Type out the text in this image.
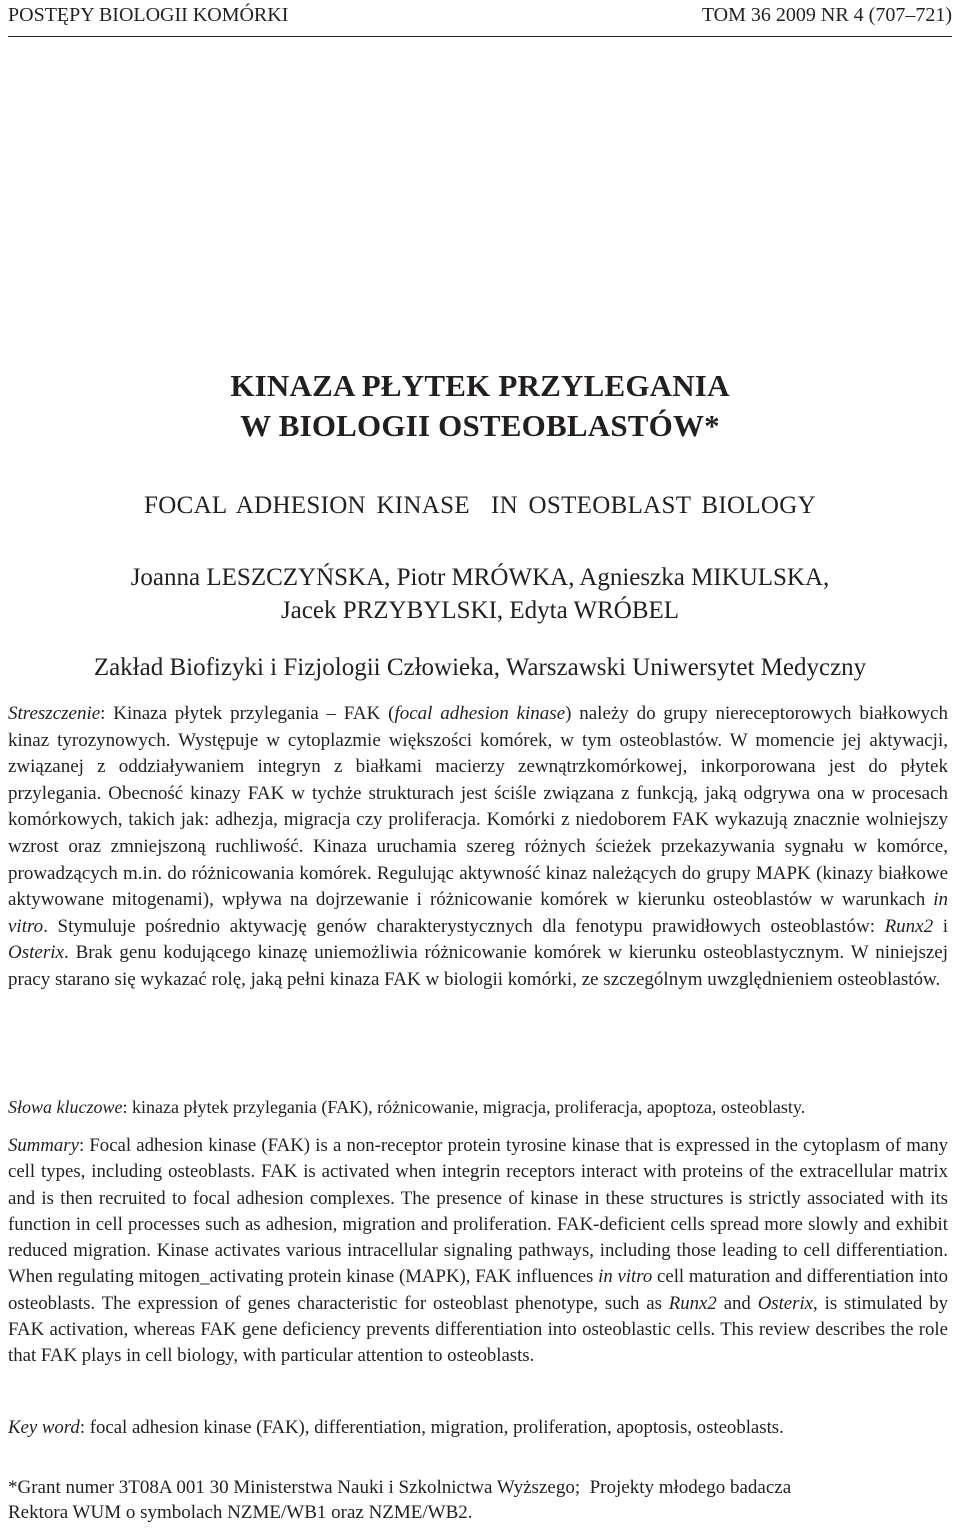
POSTĘPY BIOLOGII KOMÓRKI	TOM 36 2009 NR 4 (707–721)
KINAZA PŁYTEK PRZYLEGANIA
W BIOLOGII OSTEOBLASTÓW*
FOCAL ADHESION KINASE  IN OSTEOBLAST BIOLOGY
Joanna LESZCZYŃSKA, Piotr MRÓWKA, Agnieszka MIKULSKA,
Jacek PRZYBYLSKI, Edyta WRÓBEL
Zakład Biofizyki i Fizjologii Człowieka, Warszawski Uniwersytet Medyczny
Streszczenie: Kinaza płytek przylegania – FAK (focal adhesion kinase) należy do grupy niereceptorowych białkowych kinaz tyrozynowych. Występuje w cytoplazmie większości komórek, w tym osteoblastów. W momencie jej aktywacji, związanej z oddziaływaniem integryn z białkami macierzy zewnątrzkomórkowej, inkorporowana jest do płytek przylegania. Obecność kinazy FAK w tychże strukturach jest ściśle związana z funkcją, jaką odgrywa ona w procesach komórkowych, takich jak: adhezja, migracja czy proliferacja. Komórki z niedoborem FAK wykazują znacznie wolniejszy wzrost oraz zmniejszoną ruchliwość. Kinaza uruchamia szereg różnych ścieżek przekazywania sygnału w komórce, prowadzących m.in. do różnicowania komórek. Regulując aktywność kinaz należących do grupy MAPK (kinazy białkowe aktywowane mitogenami), wpływa na dojrzewanie i różnicowanie komórek w kierunku osteoblastów w warunkach in vitro. Stymuluje pośrednio aktywację genów charakterystycznych dla fenotypu prawidłowych osteoblastów: Runx2 i Osterix. Brak genu kodującego kinazę uniemożliwia różnicowanie komórek w kierunku osteoblastycznym. W niniejszej pracy starano się wykazać rolę, jaką pełni kinaza FAK w biologii komórki, ze szczególnym uwzględnieniem osteoblastów.
Słowa kluczowe: kinaza płytek przylegania (FAK), różnicowanie, migracja, proliferacja, apoptoza, osteoblasty.
Summary: Focal adhesion kinase (FAK) is a non-receptor protein tyrosine kinase that is expressed in the cytoplasm of many cell types, including osteoblasts. FAK is activated when integrin receptors interact with proteins of the extracellular matrix and is then recruited to focal adhesion complexes. The presence of kinase in these structures is strictly associated with its function in cell processes such as adhesion, migration and proliferation. FAK-deficient cells spread more slowly and exhibit reduced migration. Kinase activates various intracellular signaling pathways, including those leading to cell differentiation. When regulating mitogen_activating protein kinase (MAPK), FAK influences in vitro cell maturation and differentiation into osteoblasts. The expression of genes characteristic for osteoblast phenotype, such as Runx2 and Osterix, is stimulated by FAK activation, whereas FAK gene deficiency prevents differentiation into osteoblastic cells. This review describes the role that FAK plays in cell biology, with particular attention to osteoblasts.
Key word: focal adhesion kinase (FAK), differentiation, migration, proliferation, apoptosis, osteoblasts.
*Grant numer 3T08A 001 30 Ministerstwa Nauki i Szkolnictwa Wyższego;  Projekty młodego badacza
Rektora WUM o symbolach NZME/WB1 oraz NZME/WB2.
